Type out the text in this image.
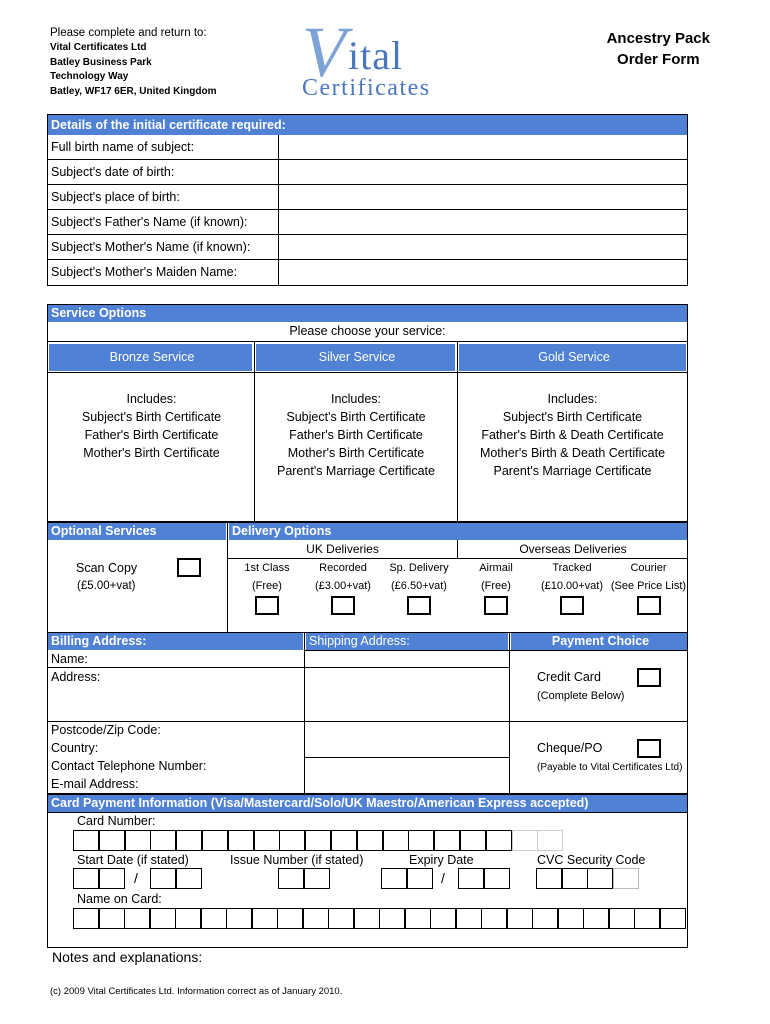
Please complete and return to:
Vital Certificates Ltd
Batley Business Park
Technology Way
Batley, WF17 6ER, United Kingdom V ital
Certificates
Ancestry Pack
Order Form
Details of the initial certificate required:
Full birth name of subject:
Subject's date of birth:
Subject's place of birth:
Subject's Father's Name (if known):
Subject's Mother's Name (if known):
Subject's Mother's Maiden Name:
Service Options
Please choose your service:
Bronze Service	Silver Service	Gold Service
Includes:
Subject's Birth Certificate
Father's Birth Certificate
Mother's Birth Certificate
Includes:
Subject's Birth Certificate
Father's Birth Certificate
Mother's Birth Certificate
Parent's Marriage Certificate
Includes:
Subject's Birth Certificate
Father's Birth & Death Certificate
Mother's Birth & Death Certificate
Parent's Marriage Certificate
Optional Services	Delivery Options
Scan Copy
(£5.00+vat)
UK Deliveries	Overseas Deliveries
1st Class
(Free)
Recorded
(£3.00+vat)
Sp. Delivery
(£6.50+vat)
Airmail
(Free)
Tracked
(£10.00+vat)
Courier
(See Price List)
Billing Address:	Shipping Address:	Payment Choice
Name:
Address:
Postcode/Zip Code:
Country:
Contact Telephone Number:
E-mail Address:
Credit Card
(Complete Below)
Cheque/PO
(Payable to Vital Certificates Ltd)
Card Payment Information (Visa/Mastercard/Solo/UK Maestro/American Express accepted)
Card Number:
Start Date (if stated)	Issue Number (if stated)	Expiry Date	CVC Security Code
/	/
Name on Card:
Notes and explanations:
(c) 2009 Vital Certificates Ltd. Information correct as of January 2010.
